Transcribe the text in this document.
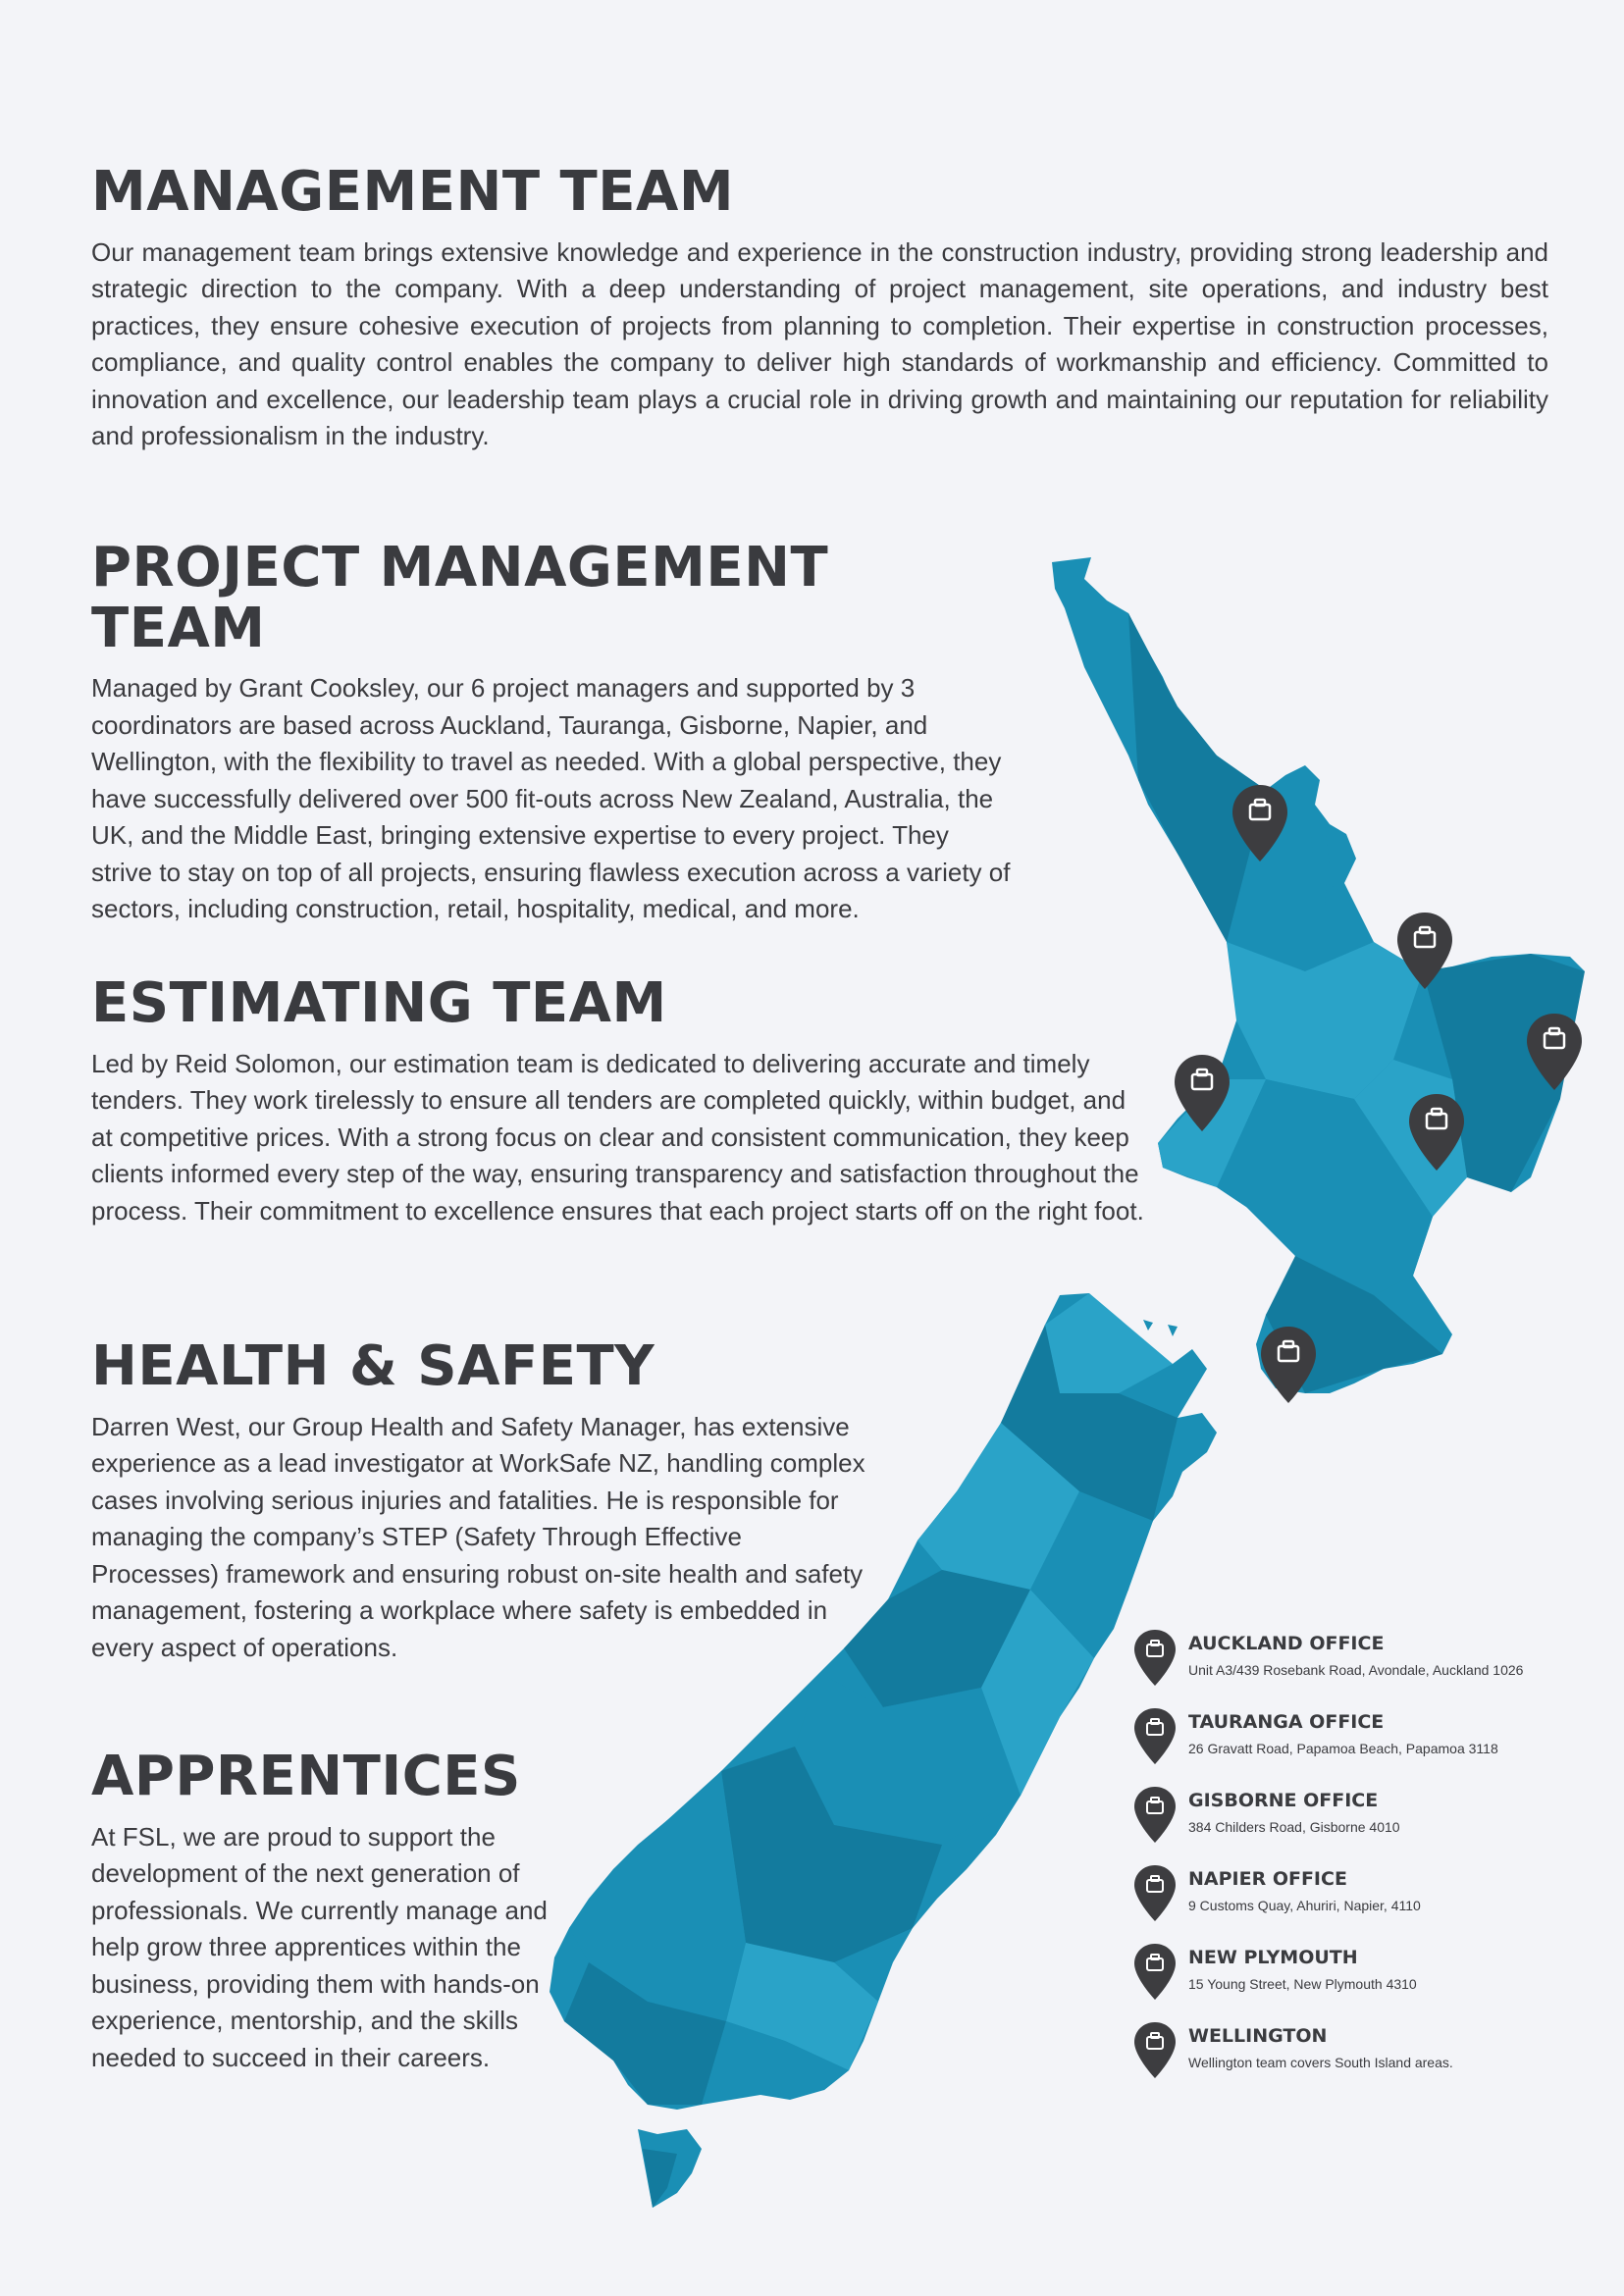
MANAGEMENT TEAM

Our management team brings extensive knowledge and experience in the construction industry, providing strong leadership and strategic direction to the company. With a deep understanding of project management, site operations, and industry best practices, they ensure cohesive execution of projects from planning to completion. Their expertise in construction processes, compliance, and quality control enables the company to deliver high standards of workmanship and efficiency. Committed to innovation and excellence, our leadership team plays a crucial role in driving growth and maintaining our reputation for reliability and professionalism in the industry.

PROJECT MANAGEMENT TEAM

Managed by Grant Cooksley, our 6 project managers and supported by 3 coordinators are based across Auckland, Tauranga, Gisborne, Napier, and Wellington, with the flexibility to travel as needed. With a global perspective, they have successfully delivered over 500 fit-outs across New Zealand, Australia, the UK, and the Middle East, bringing extensive expertise to every project. They strive to stay on top of all projects, ensuring flawless execution across a variety of sectors, including construction, retail, hospitality, medical, and more.

ESTIMATING TEAM

Led by Reid Solomon, our estimation team is dedicated to delivering accurate and timely tenders. They work tirelessly to ensure all tenders are completed quickly, within budget, and at competitive prices. With a strong focus on clear and consistent communication, they keep clients informed every step of the way, ensuring transparency and satisfaction throughout the process. Their commitment to excellence ensures that each project starts off on the right foot.

HEALTH & SAFETY

Darren West, our Group Health and Safety Manager, has extensive experience as a lead investigator at WorkSafe NZ, handling complex cases involving serious injuries and fatalities. He is responsible for managing the company’s STEP (Safety Through Effective Processes) framework and ensuring robust on-site health and safety management, fostering a workplace where safety is embedded in every aspect of operations.

APPRENTICES

At FSL, we are proud to support the development of the next generation of professionals. We currently manage and help grow three apprentices within the business, providing them with hands-on experience, mentorship, and the skills needed to succeed in their careers.

AUCKLAND OFFICE
Unit A3/439 Rosebank Road, Avondale, Auckland 1026
TAURANGA OFFICE
26 Gravatt Road, Papamoa Beach, Papamoa 3118
GISBORNE OFFICE
384 Childers Road, Gisborne 4010
NAPIER OFFICE
9 Customs Quay, Ahuriri, Napier, 4110
NEW PLYMOUTH
15 Young Street, New Plymouth 4310
WELLINGTON
Wellington team covers South Island areas.
